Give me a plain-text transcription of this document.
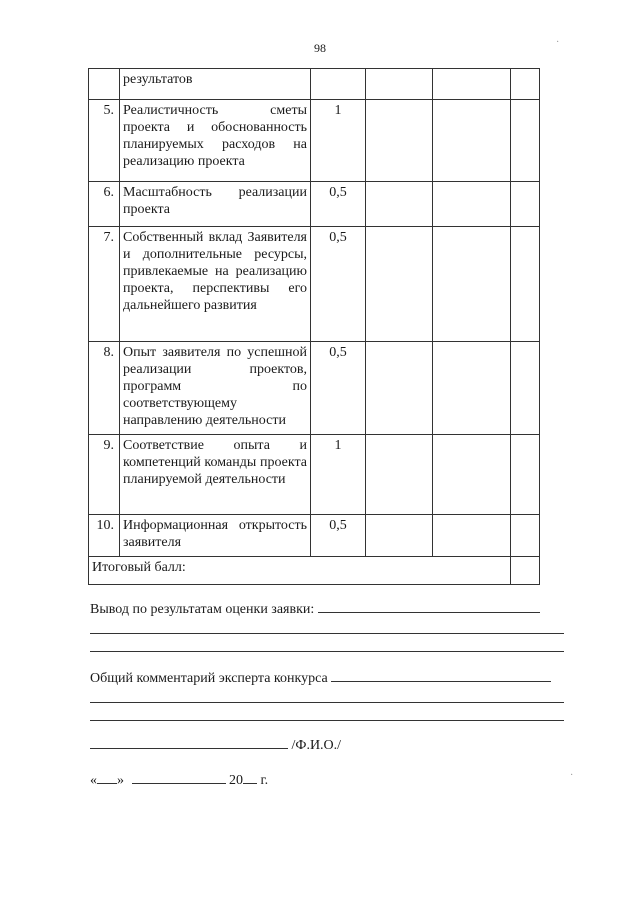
98	·
·
	результатов				
5.	Реалистичность сметы проекта и обоснованность планируемых расходов на реализацию проекта	1			
6.	Масштабность реализации проекта	0,5			
7.	Собственный вклад Заявителя и дополнительные ресурсы, привлекаемые на реализацию проекта, перспективы его дальнейшего развития	0,5			
8.	Опыт заявителя по успешной реализации проектов, программ по соответствующему направлению деятельности	0,5			
9.	Соответствие опыта и компетенций команды проекта планируемой деятельности	1			
10.	Информационная открытость заявителя	0,5			
Итоговый балл:					
Вывод по результатам оценки заявки:
Общий комментарий эксперта конкурса
/Ф.И.О./
« »	20 г.
